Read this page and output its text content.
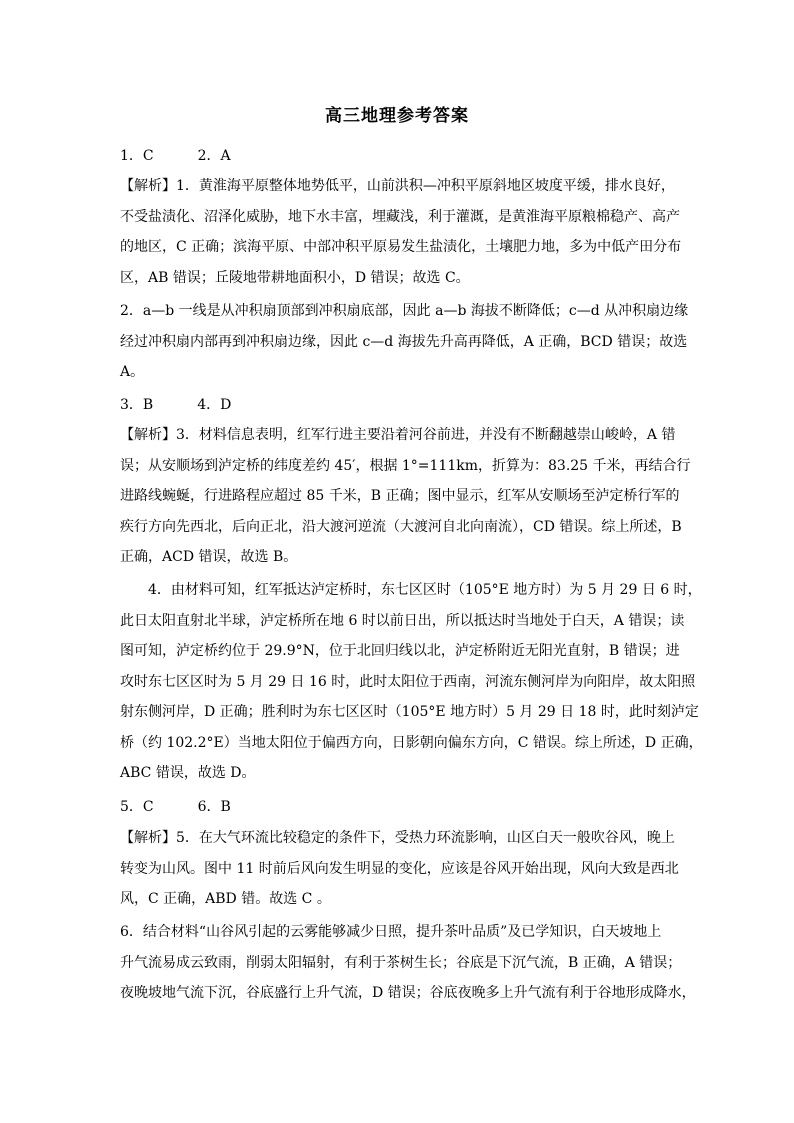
高三地理参考答案

1．C	2．A

【解析】1．黄淮海平原整体地势低平，山前洪积—冲积平原斜地区坡度平缓，排水良好，

不受盐渍化、沼泽化威胁，地下水丰富，埋藏浅，利于灌溉，是黄淮海平原粮棉稳产、高产

的地区，C 正确；滨海平原、中部冲积平原易发生盐渍化，土壤肥力地，多为中低产田分布

区，AB 错误；丘陵地带耕地面积小，D 错误；故选 C。

2．a—b 一线是从冲积扇顶部到冲积扇底部，因此 a—b 海拔不断降低；c—d 从冲积扇边缘

经过冲积扇内部再到冲积扇边缘，因此 c—d 海拔先升高再降低，A 正确，BCD 错误；故选

A。

3．B	4．D

【解析】3．材料信息表明，红军行进主要沿着河谷前进，并没有不断翻越崇山峻岭，A 错

误；从安顺场到泸定桥的纬度差约 45′，根据 1°=111km，折算为：83.25 千米，再结合行

进路线蜿蜒，行进路程应超过 85 千米，B 正确；图中显示，红军从安顺场至泸定桥行军的

疾行方向先西北，后向正北，沿大渡河逆流（大渡河自北向南流），CD 错误。综上所述，B

正确，ACD 错误，故选 B。

4．由材料可知，红军抵达泸定桥时，东七区区时（105°E 地方时）为 5 月 29 日 6 时，

此日太阳直射北半球，泸定桥所在地 6 时以前日出，所以抵达时当地处于白天，A 错误；读

图可知，泸定桥约位于 29.9°N，位于北回归线以北，泸定桥附近无阳光直射，B 错误；进

攻时东七区区时为 5 月 29 日 16 时，此时太阳位于西南，河流东侧河岸为向阳岸，故太阳照

射东侧河岸，D 正确；胜利时为东七区区时（105°E 地方时）5 月 29 日 18 时，此时刻泸定

桥（约 102.2°E）当地太阳位于偏西方向，日影朝向偏东方向，C 错误。综上所述，D 正确，

ABC 错误，故选 D。

5．C	6．B

【解析】5．在大气环流比较稳定的条件下，受热力环流影响，山区白天一般吹谷风，晚上

转变为山风。图中 11 时前后风向发生明显的变化，应该是谷风开始出现，风向大致是西北

风，C 正确，ABD 错。故选 C 。

6．结合材料“山谷风引起的云雾能够减少日照，提升茶叶品质”及已学知识，白天坡地上

升气流易成云致雨，削弱太阳辐射，有利于茶树生长；谷底是下沉气流，B 正确，A 错误；

夜晚坡地气流下沉，谷底盛行上升气流，D 错误；谷底夜晚多上升气流有利于谷地形成降水，
